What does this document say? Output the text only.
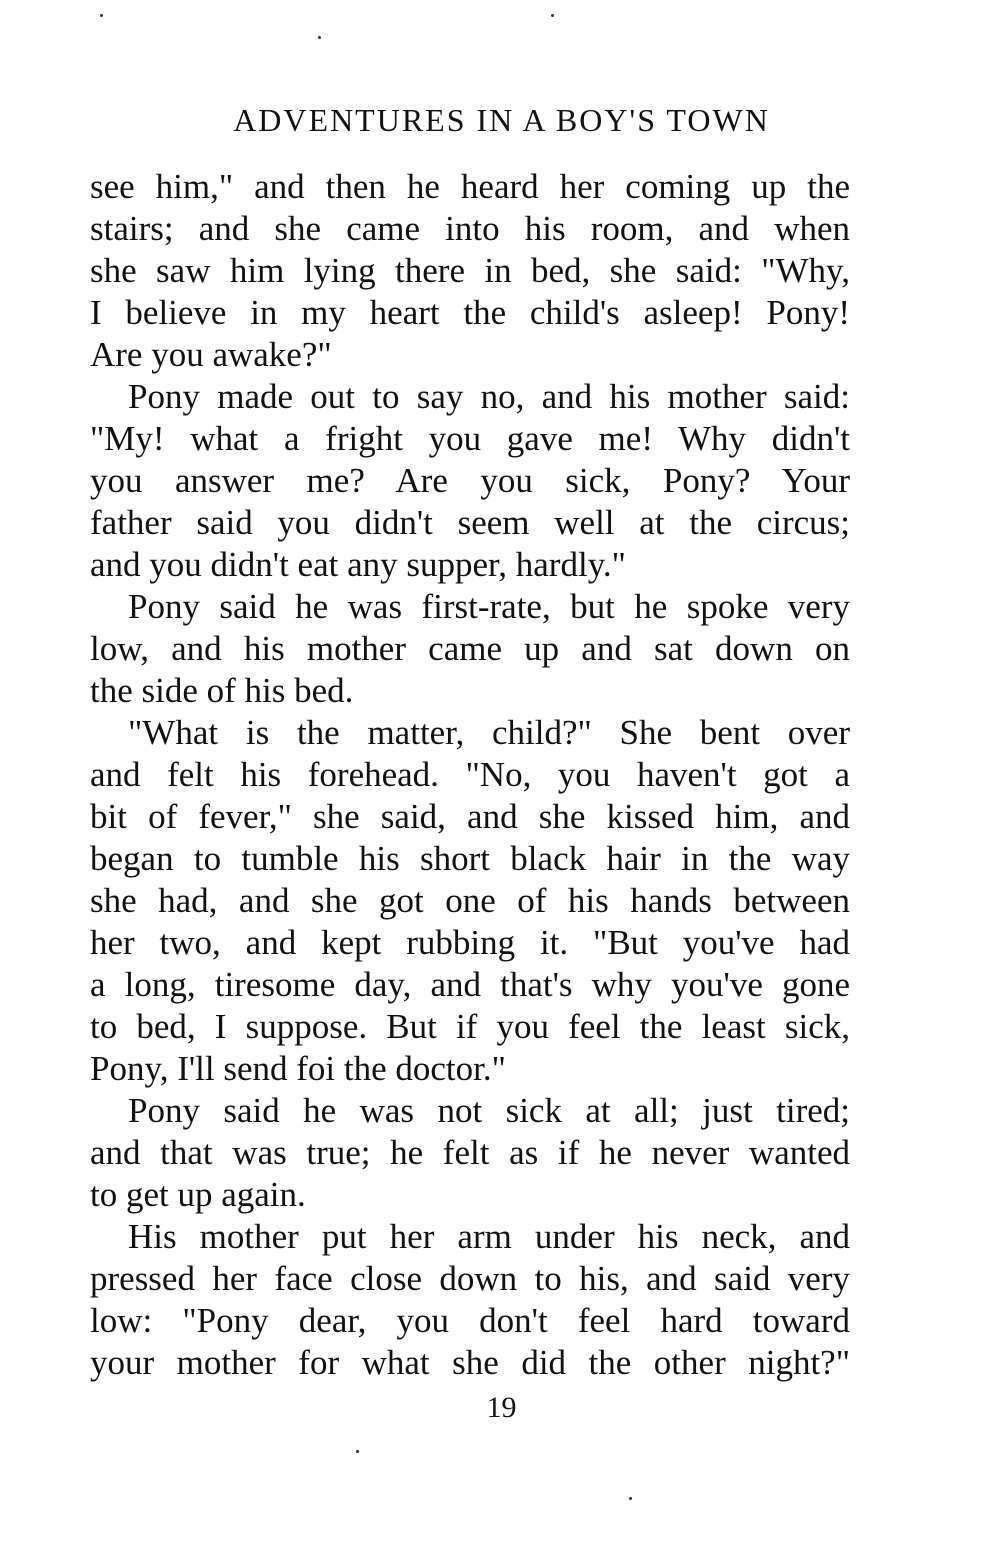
ADVENTURES IN A BOY'S TOWN
see him," and then he heard her coming up the
stairs; and she came into his room, and when
she saw him lying there in bed, she said: "Why,
I believe in my heart the child's asleep! Pony!
Are you awake?"
Pony made out to say no, and his mother said:
"My! what a fright you gave me! Why didn't
you answer me? Are you sick, Pony? Your
father said you didn't seem well at the circus;
and you didn't eat any supper, hardly."
Pony said he was first-rate, but he spoke very
low, and his mother came up and sat down on
the side of his bed.
"What is the matter, child?" She bent over
and felt his forehead. "No, you haven't got a
bit of fever," she said, and she kissed him, and
began to tumble his short black hair in the way
she had, and she got one of his hands between
her two, and kept rubbing it. "But you've had
a long, tiresome day, and that's why you've gone
to bed, I suppose. But if you feel the least sick,
Pony, I'll send foi the doctor."
Pony said he was not sick at all; just tired;
and that was true; he felt as if he never wanted
to get up again.
His mother put her arm under his neck, and
pressed her face close down to his, and said very
low: "Pony dear, you don't feel hard toward
your mother for what she did the other night?"
19
